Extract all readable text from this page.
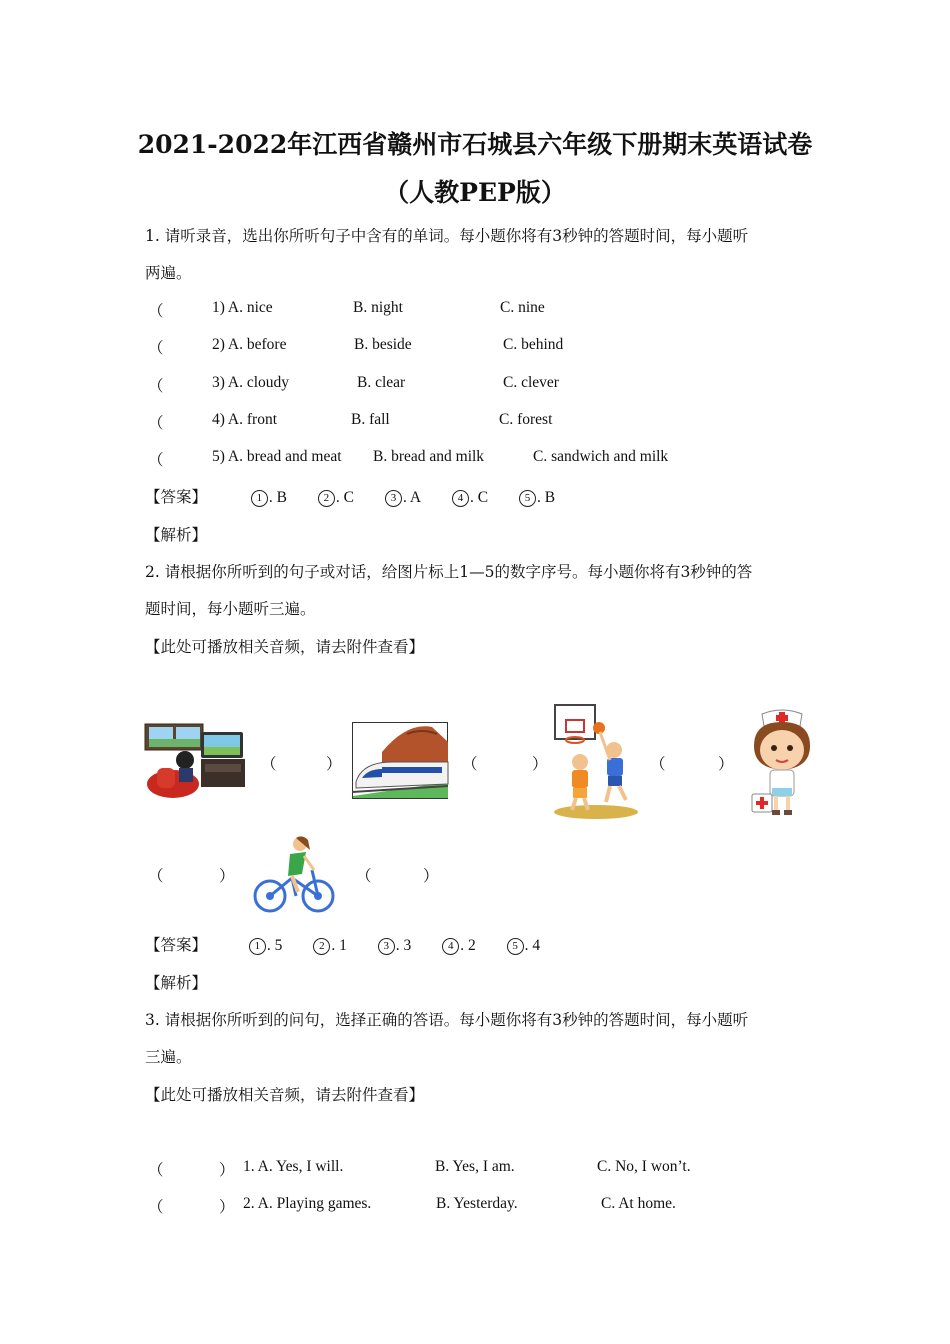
2021-2022年江西省赣州市石城县六年级下册期末英语试卷
（人教PEP版）
1. 请听录音，选出你所听句子中含有的单词。每小题你将有3秒钟的答题时间，每小题听
两遍。
（	1) A. nice	B. night	C. nine
（	2) A. before	B. beside	C. behind
（	3) A. cloudy	B. clear	C. clever
（	4) A. front	B. fall	C. forest
（	5) A. bread and meat B. bread and milk	C. sandwich and milk
【答案】	1 . B	2 . C	3 . A	4 . C	5 . B
【解析】
2. 请根据你所听到的句子或对话，给图片标上1—5的数字序号。每小题你将有3秒钟的答
题时间，每小题听三遍。
【此处可播放相关音频，请去附件查看】
（	）	（	）	（	）
（	）	（	）
【答案】	1 . 5	2 . 1	3 . 3	4 . 2	5 . 4
【解析】
3. 请根据你所听到的问句，选择正确的答语。每小题你将有3秒钟的答题时间，每小题听
三遍。
【此处可播放相关音频，请去附件查看】
（	） 1. A. Yes, I will.	B. Yes, I am.	C. No, I won’t.
（	） 2. A. Playing games.	B. Yesterday.	C. At home.
